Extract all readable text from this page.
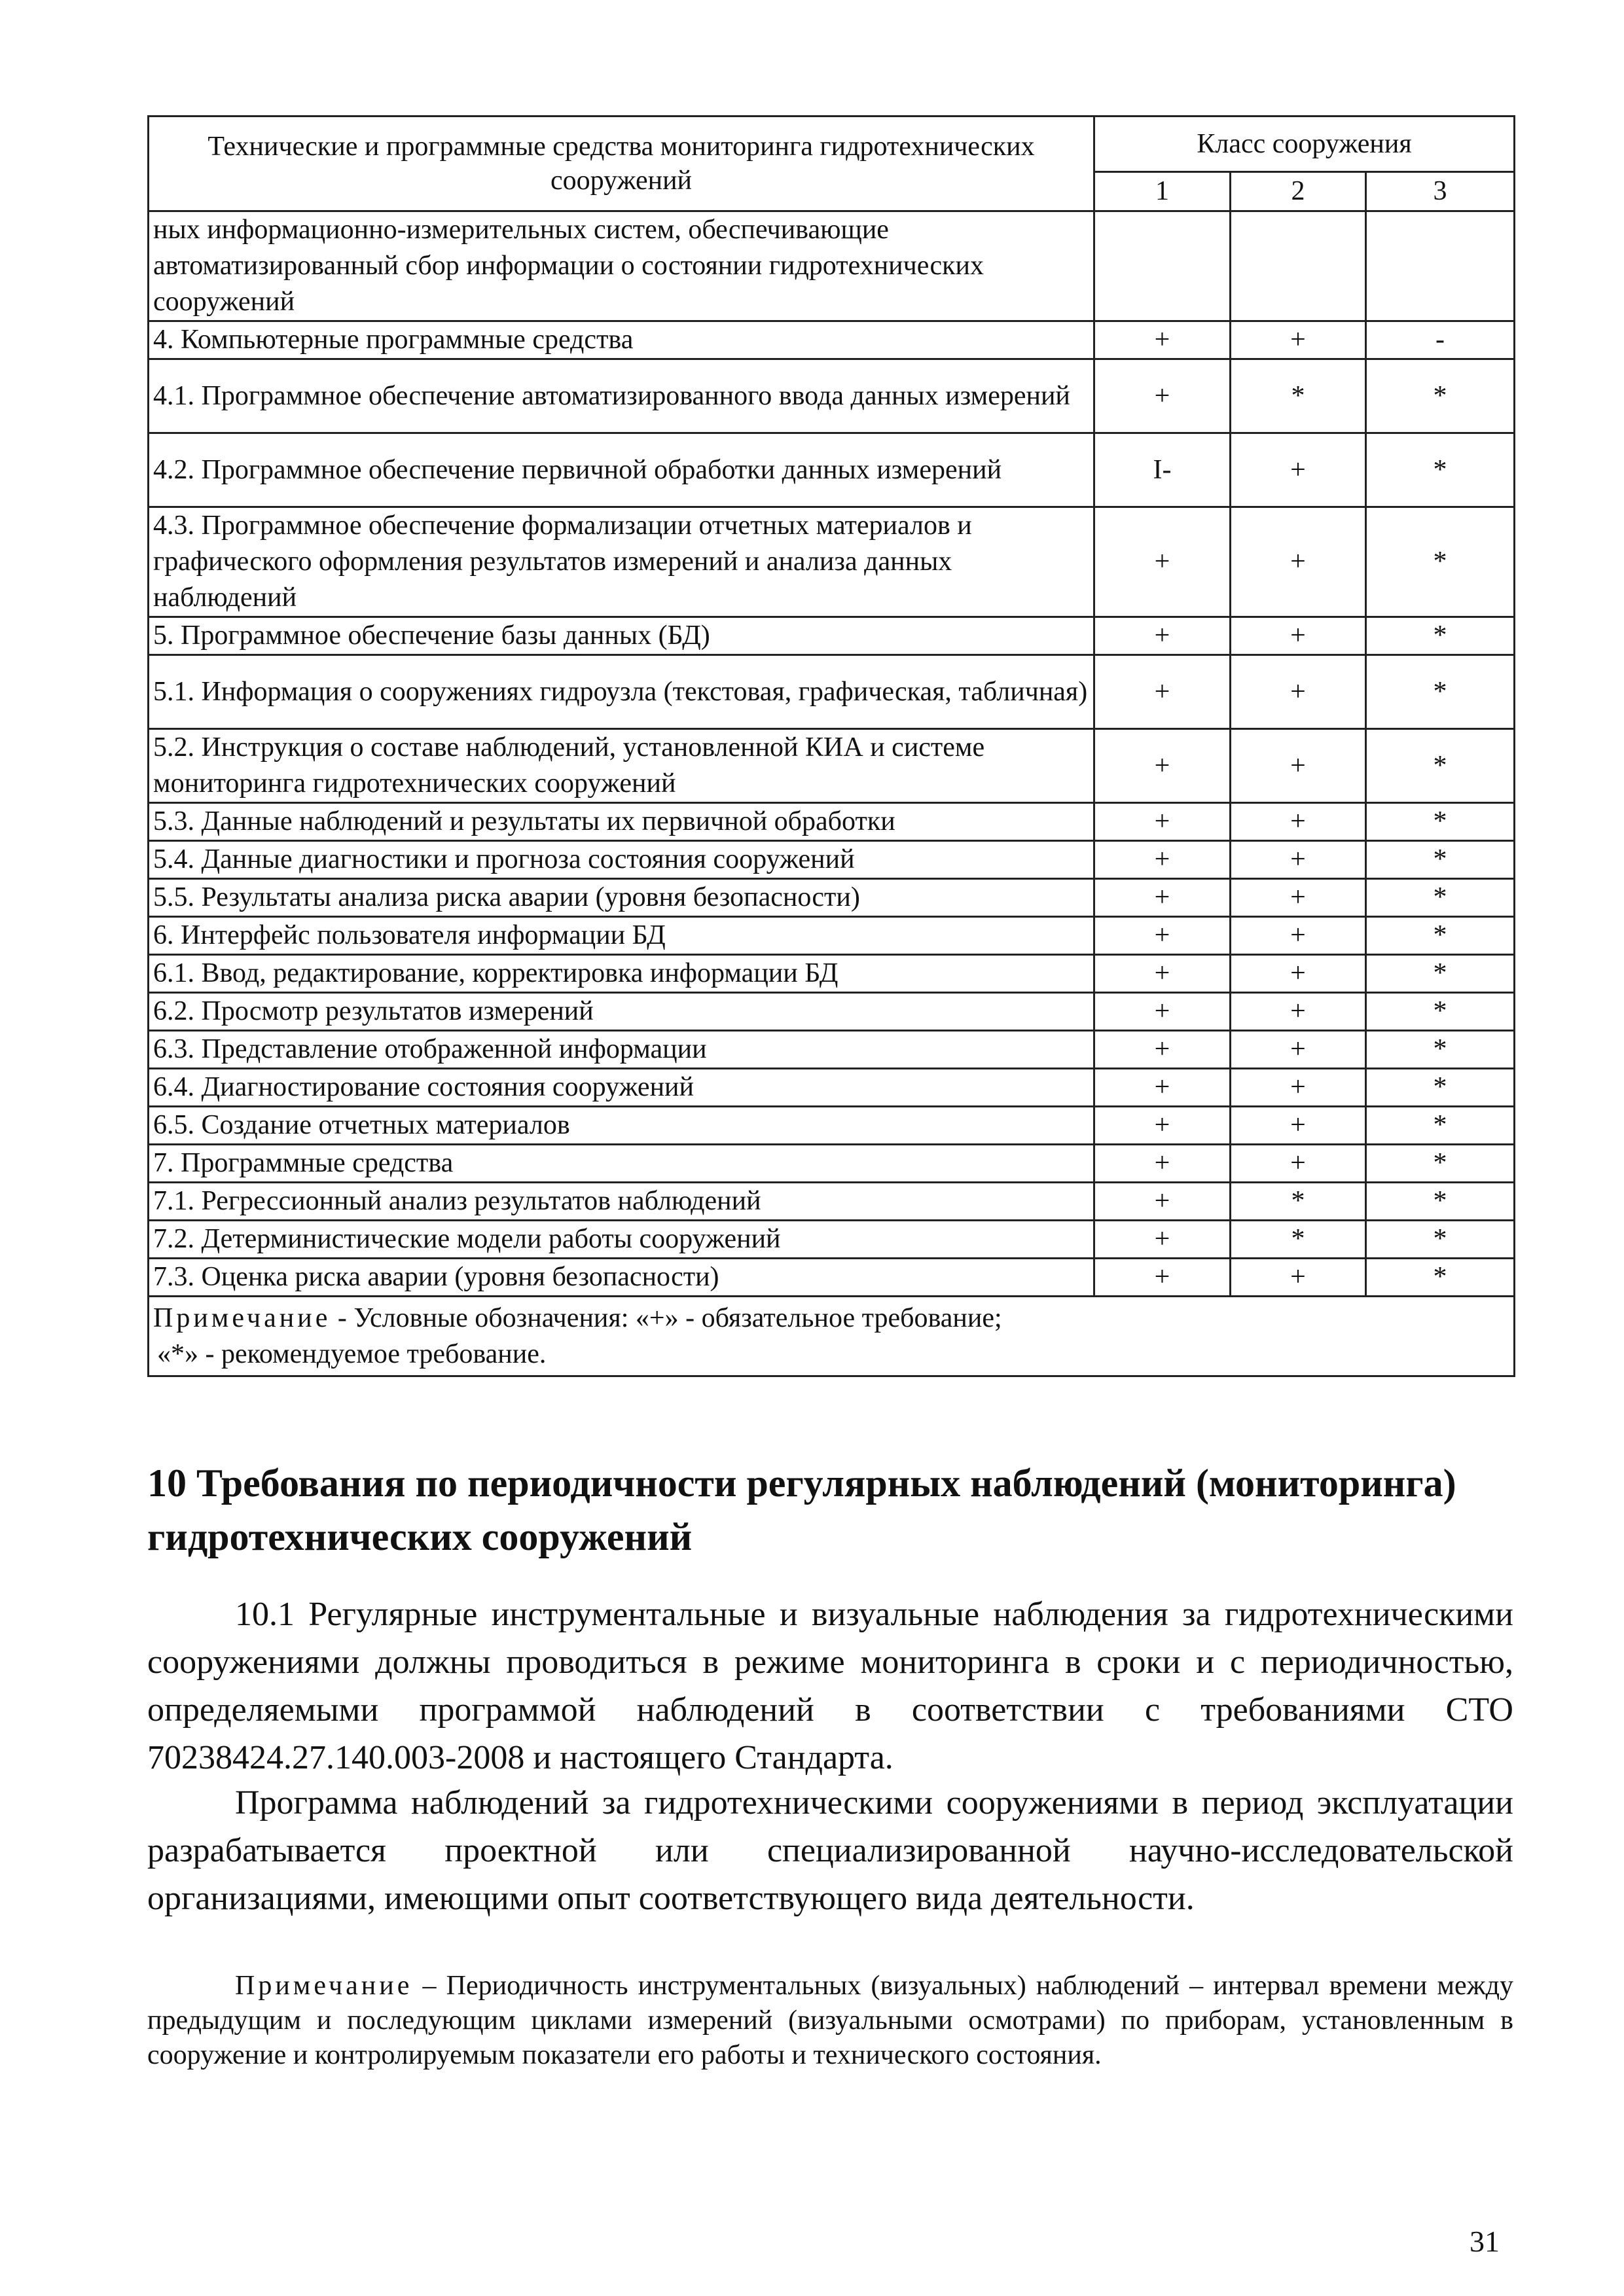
Технические и программные средства мониторинга гидротехнических сооружений	Класс сооружения		
	1	2	3
ных информационно-измерительных систем, обеспечивающие автоматизированный сбор информации о состоянии гидротехнических сооружений			
4. Компьютерные программные средства	+	+	-
4.1. Программное обеспечение автоматизированного ввода данных измерений	+	*	*
4.2. Программное обеспечение первичной обработки данных измерений	I-	+	*
4.3. Программное обеспечение формализации отчетных материалов и графического оформления результатов измерений и анализа данных наблюдений	+	+	*
5. Программное обеспечение базы данных (БД)	+	+	*
5.1. Информация о сооружениях гидроузла (текстовая, графическая, табличная)	+	+	*
5.2. Инструкция о составе наблюдений, установленной КИА и системе мониторинга гидротехнических сооружений	+	+	*
5.3. Данные наблюдений и результаты их первичной обработки	+	+	*
5.4. Данные диагностики и прогноза состояния сооружений	+	+	*
5.5. Результаты анализа риска аварии (уровня безопасности)	+	+	*
6. Интерфейс пользователя информации БД	+	+	*
6.1. Ввод, редактирование, корректировка информации БД	+	+	*
6.2. Просмотр результатов измерений	+	+	*
6.3. Представление отображенной информации	+	+	*
6.4. Диагностирование состояния сооружений	+	+	*
6.5. Создание отчетных материалов	+	+	*
7. Программные средства	+	+	*
7.1. Регрессионный анализ результатов наблюдений	+	*	*
7.2. Детерминистические модели работы сооружений	+	*	*
7.3. Оценка риска аварии (уровня безопасности)	+	+	*
Примечание - Условные обозначения: «+» - обязательное требование;
«*» - рекомендуемое требование.			
10 Требования по периодичности регулярных наблюдений (мониторинга) гидротехнических сооружений

10.1 Регулярные инструментальные и визуальные наблюдения за гидротехническими сооружениями должны проводиться в режиме мониторинга в сроки и с периодичностью, определяемыми программой наблюдений в соответствии с требованиями СТО 70238424.27.140.003-2008 и настоящего Стандарта.

Программа наблюдений за гидротехническими сооружениями в период эксплуатации разрабатывается проектной или специализированной научно-исследовательской организациями, имеющими опыт соответствующего вида деятельности.

Примечание – Периодичность инструментальных (визуальных) наблюдений – интервал времени между предыдущим и последующим циклами измерений (визуальными осмотрами) по приборам, установленным в сооружение и контролируемым показатели его работы и технического состояния.

31
